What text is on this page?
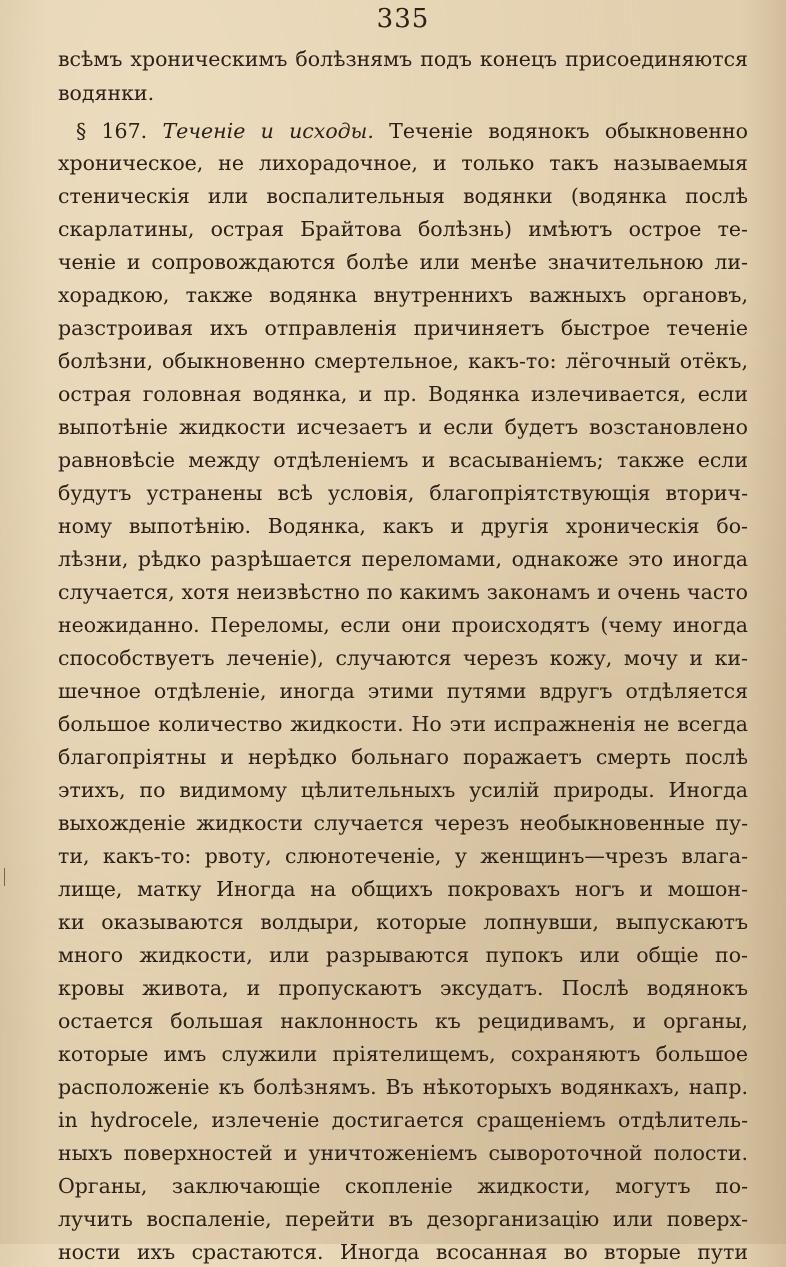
335
всѣмъ хроническимъ болѣзнямъ подъ конецъ присоединяются
водянки.
§ 167. Теченіе и исходы. Теченіе водянокъ обыкновенно
хроническое, не лихорадочное, и только такъ называемыя
стеническія или воспалительныя водянки (водянка послѣ
скарлатины, острая Брайтова болѣзнь) имѣютъ острое те-
ченіе и сопровождаются болѣе или менѣе значительною ли-
хорадкою, также водянка внутреннихъ важныхъ органовъ,
разстроивая ихъ отправленія причиняетъ быстрое теченіе
болѣзни, обыкновенно смертельное, какъ-то: лёгочный отёкъ,
острая головная водянка, и пр. Водянка излечивается, если
выпотѣніе жидкости исчезаетъ и если будетъ возстановлено
равновѣсіе между отдѣленіемъ и всасываніемъ; также если
будутъ устранены всѣ условія, благопріятствующія вторич-
ному выпотѣнію. Водянка, какъ и другія хроническія бо-
лѣзни, рѣдко разрѣшается переломами, однакоже это иногда
случается, хотя неизвѣстно по какимъ законамъ и очень часто
неожиданно. Переломы, если они происходятъ (чему иногда
способствуетъ леченіе), случаются черезъ кожу, мочу и ки-
шечное отдѣленіе, иногда этими путями вдругъ отдѣляется
большое количество жидкости. Но эти испражненія не всегда
благопріятны и нерѣдко больнаго поражаетъ смерть послѣ
этихъ, по видимому цѣлительныхъ усилій природы. Иногда
выхожденіе жидкости случается черезъ необыкновенные пу-
ти, какъ-то: рвоту, слюнотеченіе, у женщинъ—чрезъ влага-
лище, матку Иногда на общихъ покровахъ ногъ и мошон-
ки оказываются волдыри, которые лопнувши, выпускаютъ
много жидкости, или разрываются пупокъ или общіе по-
кровы живота, и пропускаютъ эксудатъ. Послѣ водянокъ
остается большая наклонность къ рецидивамъ, и органы,
которые имъ служили пріятелищемъ, сохраняютъ большое
расположеніе къ болѣзнямъ. Въ нѣкоторыхъ водянкахъ, напр.
in hydrocele, излеченіе достигается сращеніемъ отдѣлитель-
ныхъ поверхностей и уничтоженіемъ сывороточной полости.
Органы, заключающіе скопленіе жидкости, могутъ по-
лучить воспаленіе, перейти въ дезорганизацію или поверх-
ности ихъ срастаются. Иногда всосанная во вторые пути
